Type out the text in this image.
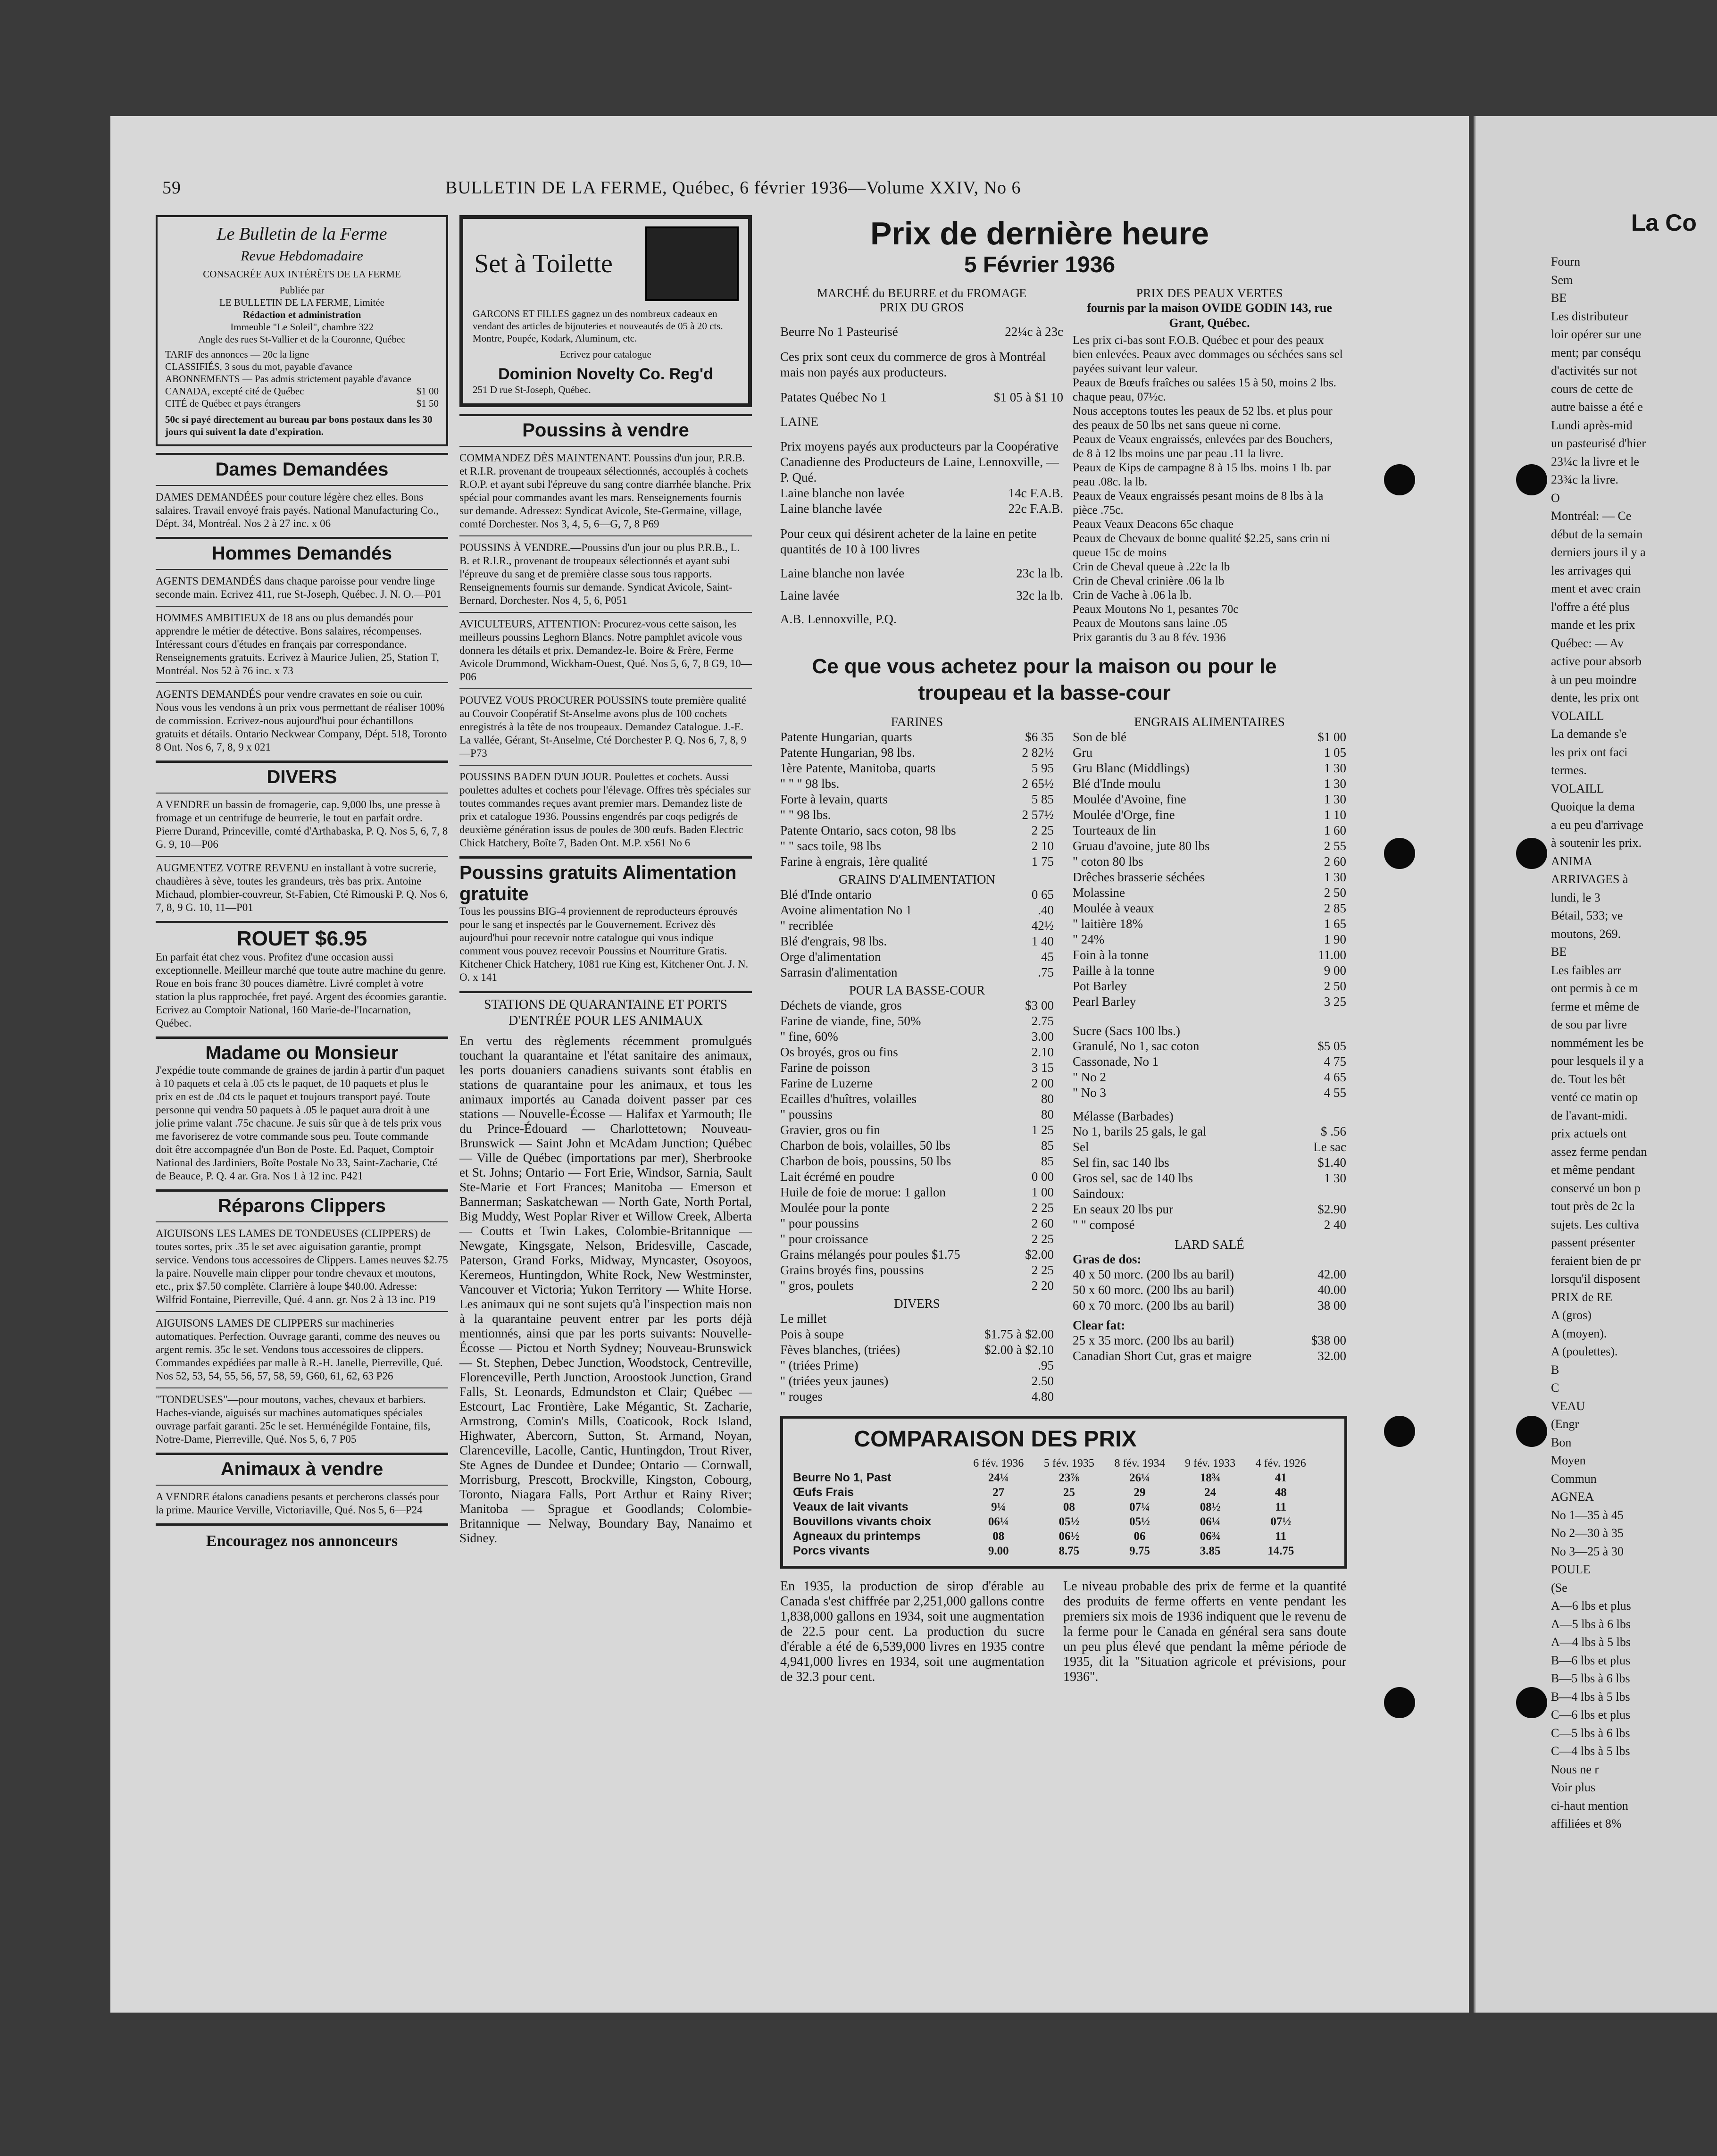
59	BULLETIN DE LA FERME, Québec, 6 février 1936—Volume XXIV, No 6
Le Bulletin de la Ferme
Revue Hebdomadaire
CONSACRÉE AUX INTÉRÊTS DE LA FERME
Publiée par
LE BULLETIN DE LA FERME, Limitée
Rédaction et administration
Immeuble "Le Soleil", chambre 322
Angle des rues St-Vallier et de la Couronne, Québec
TARIF des annonces — 20c la ligne
CLASSIFIÉS, 3 sous du mot, payable d'avance
ABONNEMENTS — Pas admis strictement payable d'avance
CANADA, excepté cité de Québec	$1 00
CITÉ de Québec et pays étrangers	$1 50
50c si payé directement au bureau par bons postaux dans les 30 jours qui suivent la date d'expiration.
Dames Demandées
DAMES DEMANDÉES pour couture légère chez elles. Bons salaires. Travail envoyé frais payés. National Manufacturing Co., Dépt. 34, Montréal. Nos 2 à 27 inc. x 06
Hommes Demandés
AGENTS DEMANDÉS dans chaque paroisse pour vendre linge seconde main. Ecrivez 411, rue St-Joseph, Québec. J. N. O.—P01
HOMMES AMBITIEUX de 18 ans ou plus demandés pour apprendre le métier de détective. Bons salaires, récompenses. Intéressant cours d'études en français par correspondance. Renseignements gratuits. Ecrivez à Maurice Julien, 25, Station T, Montréal. Nos 52 à 76 inc. x 73
AGENTS DEMANDÉS pour vendre cravates en soie ou cuir. Nous vous les vendons à un prix vous permettant de réaliser 100% de commission. Ecrivez-nous aujourd'hui pour échantillons gratuits et détails. Ontario Neckwear Company, Dépt. 518, Toronto 8 Ont. Nos 6, 7, 8, 9 x 021
DIVERS
A VENDRE un bassin de fromagerie, cap. 9,000 lbs, une presse à fromage et un centrifuge de beurrerie, le tout en parfait ordre. Pierre Durand, Princeville, comté d'Arthabaska, P. Q. Nos 5, 6, 7, 8 G. 9, 10—P06
AUGMENTEZ VOTRE REVENU en installant à votre sucrerie, chaudières à sève, toutes les grandeurs, très bas prix. Antoine Michaud, plombier-couvreur, St-Fabien, Cté Rimouski P. Q. Nos 6, 7, 8, 9 G. 10, 11—P01
ROUET $6.95
En parfait état chez vous. Profitez d'une occasion aussi exceptionnelle. Meilleur marché que toute autre machine du genre. Roue en bois franc 30 pouces diamètre. Livré complet à votre station la plus rapprochée, fret payé. Argent des écoomies garantie. Ecrivez au Comptoir National, 160 Marie-de-l'Incarnation, Québec.
Madame ou Monsieur
J'expédie toute commande de graines de jardin à partir d'un paquet à 10 paquets et cela à .05 cts le paquet, de 10 paquets et plus le prix en est de .04 cts le paquet et toujours transport payé. Toute personne qui vendra 50 paquets à .05 le paquet aura droit à une jolie prime valant .75c chacune. Je suis sûr que à de tels prix vous me favoriserez de votre commande sous peu. Toute commande doit être accompagnée d'un Bon de Poste. Ed. Paquet, Comptoir National des Jardiniers, Boîte Postale No 33, Saint-Zacharie, Cté de Beauce, P. Q. 4 ar. Gra. Nos 1 à 12 inc. P421
Réparons Clippers
AIGUISONS LES LAMES DE TONDEUSES (CLIPPERS) de toutes sortes, prix .35 le set avec aiguisation garantie, prompt service. Vendons tous accessoires de Clippers. Lames neuves $2.75 la paire. Nouvelle main clipper pour tondre chevaux et moutons, etc., prix $7.50 complète. Clarrière à loupe $40.00. Adresse: Wilfrid Fontaine, Pierreville, Qué. 4 ann. gr. Nos 2 à 13 inc. P19
AIGUISONS LAMES DE CLIPPERS sur machineries automatiques. Perfection. Ouvrage garanti, comme des neuves ou argent remis. 35c le set. Vendons tous accessoires de clippers. Commandes expédiées par malle à R.-H. Janelle, Pierreville, Qué. Nos 52, 53, 54, 55, 56, 57, 58, 59, G60, 61, 62, 63 P26
"TONDEUSES"—pour moutons, vaches, chevaux et barbiers. Haches-viande, aiguisés sur machines automatiques spéciales ouvrage parfait garanti. 25c le set. Herménégilde Fontaine, fils, Notre-Dame, Pierreville, Qué. Nos 5, 6, 7 P05
Animaux à vendre
A VENDRE étalons canadiens pesants et percherons classés pour la prime. Maurice Verville, Victoriaville, Qué. Nos 5, 6—P24
Encouragez nos annonceurs
Set à Toilette
GARCONS ET FILLES gagnez un des nombreux cadeaux en vendant des articles de bijouteries et nouveautés de 05 à 20 cts. Montre, Poupée, Kodark, Aluminum, etc.
Ecrivez pour catalogue
Dominion Novelty Co. Reg'd
251 D rue St-Joseph, Québec.
Poussins à vendre
COMMANDEZ DÈS MAINTENANT. Poussins d'un jour, P.R.B. et R.I.R. provenant de troupeaux sélectionnés, accouplés à cochets R.O.P. et ayant subi l'épreuve du sang contre diarrhée blanche. Prix spécial pour commandes avant les mars. Renseignements fournis sur demande. Adressez: Syndicat Avicole, Ste-Germaine, village, comté Dorchester. Nos 3, 4, 5, 6—G, 7, 8 P69
POUSSINS À VENDRE.—Poussins d'un jour ou plus P.R.B., L. B. et R.I.R., provenant de troupeaux sélectionnés et ayant subi l'épreuve du sang et de première classe sous tous rapports. Renseignements fournis sur demande. Syndicat Avicole, Saint-Bernard, Dorchester. Nos 4, 5, 6, P051
AVICULTEURS, ATTENTION: Procurez-vous cette saison, les meilleurs poussins Leghorn Blancs. Notre pamphlet avicole vous donnera les détails et prix. Demandez-le. Boire & Frère, Ferme Avicole Drummond, Wickham-Ouest, Qué. Nos 5, 6, 7, 8 G9, 10—P06
POUVEZ VOUS PROCURER POUSSINS toute première qualité au Couvoir Coopératif St-Anselme avons plus de 100 cochets enregistrés à la tête de nos troupeaux. Demandez Catalogue. J.-E. La vallée, Gérant, St-Anselme, Cté Dorchester P. Q. Nos 6, 7, 8, 9—P73
POUSSINS BADEN D'UN JOUR. Poulettes et cochets. Aussi poulettes adultes et cochets pour l'élevage. Offres très spéciales sur toutes commandes reçues avant premier mars. Demandez liste de prix et catalogue 1936. Poussins engendrés par coqs pedigrés de deuxième génération issus de poules de 300 œufs. Baden Electric Chick Hatchery, Boîte 7, Baden Ont. M.P. x561 No 6
Poussins gratuits Alimentation gratuite
Tous les poussins BIG-4 proviennent de reproducteurs éprouvés pour le sang et inspectés par le Gouvernement. Ecrivez dès aujourd'hui pour recevoir notre catalogue qui vous indique comment vous pouvez recevoir Poussins et Nourriture Gratis. Kitchener Chick Hatchery, 1081 rue King est, Kitchener Ont. J. N. O. x 141
STATIONS DE QUARANTAINE ET PORTS D'ENTRÉE POUR LES ANIMAUX
En vertu des règlements récemment promulgués touchant la quarantaine et l'état sanitaire des animaux, les ports douaniers canadiens suivants sont établis en stations de quarantaine pour les animaux, et tous les animaux importés au Canada doivent passer par ces stations — Nouvelle-Écosse — Halifax et Yarmouth; Ile du Prince-Édouard — Charlottetown; Nouveau-Brunswick — Saint John et McAdam Junction; Québec — Ville de Québec (importations par mer), Sherbrooke et St. Johns; Ontario — Fort Erie, Windsor, Sarnia, Sault Ste-Marie et Fort Frances; Manitoba — Emerson et Bannerman; Saskatchewan — North Gate, North Portal, Big Muddy, West Poplar River et Willow Creek, Alberta — Coutts et Twin Lakes, Colombie-Britannique — Newgate, Kingsgate, Nelson, Bridesville, Cascade, Paterson, Grand Forks, Midway, Myncaster, Osoyoos, Keremeos, Huntingdon, White Rock, New Westminster, Vancouver et Victoria; Yukon Territory — White Horse. Les animaux qui ne sont sujets qu'à l'inspection mais non à la quarantaine peuvent entrer par les ports déjà mentionnés, ainsi que par les ports suivants: Nouvelle-Écosse — Pictou et North Sydney; Nouveau-Brunswick — St. Stephen, Debec Junction, Woodstock, Centreville, Florenceville, Perth Junction, Aroostook Junction, Grand Falls, St. Leonards, Edmundston et Clair; Québec — Estcourt, Lac Frontière, Lake Mégantic, St. Zacharie, Armstrong, Comin's Mills, Coaticook, Rock Island, Highwater, Abercorn, Sutton, St. Armand, Noyan, Clarenceville, Lacolle, Cantic, Huntingdon, Trout River, Ste Agnes de Dundee et Dundee; Ontario — Cornwall, Morrisburg, Prescott, Brockville, Kingston, Cobourg, Toronto, Niagara Falls, Port Arthur et Rainy River; Manitoba — Sprague et Goodlands; Colombie-Britannique — Nelway, Boundary Bay, Nanaimo et Sidney.
Prix de dernière heure
5 Février 1936
MARCHÉ du BEURRE et du FROMAGE
PRIX DU GROS
Beurre No 1 Pasteurisé	22¼c à 23c
Ces prix sont ceux du commerce de gros à Montréal mais non payés aux producteurs.
Patates Québec No 1	$1 05 à $1 10
LAINE
Prix moyens payés aux producteurs par la Coopérative Canadienne des Producteurs de Laine, Lennoxville, — P. Qué.
Laine blanche non lavée	14c F.A.B.
Laine blanche lavée	22c F.A.B.
Pour ceux qui désirent acheter de la laine en petite quantités de 10 à 100 livres
Laine blanche non lavée	23c la lb.
Laine lavée	32c la lb.
A.B. Lennoxville, P.Q.
PRIX DES PEAUX VERTES
fournis par la maison OVIDE GODIN 143, rue Grant, Québec.
Les prix ci-bas sont F.O.B. Québec et pour des peaux bien enlevées. Peaux avec dommages ou séchées sans sel payées suivant leur valeur.
Peaux de Bœufs fraîches ou salées 15 à 50, moins 2 lbs. chaque peau, 07½c.
Nous acceptons toutes les peaux de 52 lbs. et plus pour des peaux de 50 lbs net sans queue ni corne.
Peaux de Veaux engraissés, enlevées par des Bouchers, de 8 à 12 lbs moins une par peau .11 la livre.
Peaux de Kips de campagne 8 à 15 lbs. moins 1 lb. par peau .08c. la lb.
Peaux de Veaux engraissés pesant moins de 8 lbs à la pièce .75c.
Peaux Veaux Deacons 65c chaque
Peaux de Chevaux de bonne qualité $2.25, sans crin ni queue 15c de moins
Crin de Cheval queue à .22c la lb
Crin de Cheval crinière .06 la lb
Crin de Vache à .06 la lb.
Peaux Moutons No 1, pesantes 70c
Peaux de Moutons sans laine .05
Prix garantis du 3 au 8 fév. 1936
Ce que vous achetez pour la maison ou pour le troupeau et la basse-cour
FARINES
Patente Hungarian, quarts	$6 35
Patente Hungarian, 98 lbs.	2 82½
1ère Patente, Manitoba, quarts	5 95
" " " 98 lbs.	2 65½
Forte à levain, quarts	5 85
" " 98 lbs.	2 57½
Patente Ontario, sacs coton, 98 lbs	2 25
" " sacs toile, 98 lbs	2 10
Farine à engrais, 1ère qualité	1 75
GRAINS D'ALIMENTATION
Blé d'Inde ontario	0 65
Avoine alimentation No 1	.40
" recriblée	42½
Blé d'engrais, 98 lbs.	1 40
Orge d'alimentation	45
Sarrasin d'alimentation	.75
POUR LA BASSE-COUR
Déchets de viande, gros	$3 00
Farine de viande, fine, 50%	2.75
" fine, 60%	3.00
Os broyés, gros ou fins	2.10
Farine de poisson	3 15
Farine de Luzerne	2 00
Ecailles d'huîtres, volailles	80
" poussins	80
Gravier, gros ou fin	1 25
Charbon de bois, volailles, 50 lbs	85
Charbon de bois, poussins, 50 lbs	85
Lait écrémé en poudre	0 00
Huile de foie de morue: 1 gallon	1 00
Moulée pour la ponte	2 25
" pour poussins	2 60
" pour croissance	2 25
Grains mélangés pour poules $1.75	$2.00
Grains broyés fins, poussins	2 25
" gros, poulets	2 20
DIVERS
Le millet
Pois à soupe	$1.75 à $2.00
Fèves blanches, (triées)	$2.00 à $2.10
" (triées Prime)	.95
" (triées yeux jaunes)	2.50
" rouges	4.80
ENGRAIS ALIMENTAIRES
Son de blé	$1 00
Gru	1 05
Gru Blanc (Middlings)	1 30
Blé d'Inde moulu	1 30
Moulée d'Avoine, fine	1 30
Moulée d'Orge, fine	1 10
Tourteaux de lin	1 60
Gruau d'avoine, jute 80 lbs	2 55
" coton 80 lbs	2 60
Drêches brasserie séchées	1 30
Molassine	2 50
Moulée à veaux	2 85
" laitière 18%	1 65
" 24%	1 90
Foin à la tonne	11.00
Paille à la tonne	9 00
Pot Barley	2 50
Pearl Barley	3 25
Sucre (Sacs 100 lbs.)
Granulé, No 1, sac coton	$5 05
Cassonade, No 1	4 75
" No 2	4 65
" No 3	4 55
Mélasse (Barbades)
No 1, barils 25 gals, le gal	$ .56
Sel	Le sac
Sel fin, sac 140 lbs	$1.40
Gros sel, sac de 140 lbs	1 30
Saindoux:
En seaux 20 lbs pur	$2.90
" " composé	2 40
LARD SALÉ
Gras de dos:
40 x 50 morc. (200 lbs au baril)	42.00
50 x 60 morc. (200 lbs au baril)	40.00
60 x 70 morc. (200 lbs au baril)	38 00
Clear fat:
25 x 35 morc. (200 lbs au baril)	$38 00
Canadian Short Cut, gras et maigre	32.00
COMPARAISON DES PRIX
	6 fév. 1936	5 fév. 1935	8 fév. 1934	9 fév. 1933	4 fév. 1926
Beurre No 1, Past	24¼	23⅞	26¼	18¾	41
Œufs Frais	27	25	29	24	48
Veaux de lait vivants	9¼	08	07¼	08½	11
Bouvillons vivants choix	06¼	05½	05½	06¼	07½
Agneaux du printemps	08	06½	06	06¾	11
Porcs vivants	9.00	8.75	9.75	3.85	14.75
En 1935, la production de sirop d'érable au Canada s'est chiffrée par 2,251,000 gallons contre 1,838,000 gallons en 1934, soit une augmentation de 22.5 pour cent. La production du sucre d'érable a été de 6,539,000 livres en 1935 contre 4,941,000 livres en 1934, soit une augmentation de 32.3 pour cent.
Le niveau probable des prix de ferme et la quantité des produits de ferme offerts en vente pendant les premiers six mois de 1936 indiquent que le revenu de la ferme pour le Canada en général sera sans doute un peu plus élevé que pendant la même période de 1935, dit la "Situation agricole et prévisions, pour 1936".
La Co
Fourn
Sem
BE
Les distributeur
loir opérer sur une
ment; par conséqu
d'activités sur not
cours de cette de
autre baisse a été e
Lundi après-mid
un pasteurisé d'hier
23¼c la livre et le
23¾c la livre.
O
Montréal: — Ce
début de la semain
derniers jours il y a
les arrivages qui
ment et avec crain
l'offre a été plus
mande et les prix
Québec: — Av
active pour absorb
à un peu moindre
dente, les prix ont
VOLAILL
La demande s'e
les prix ont faci
termes.
VOLAILL
Quoique la dema
a eu peu d'arrivage
à soutenir les prix.
ANIMA
ARRIVAGES à
lundi, le 3
Bétail, 533; ve
moutons, 269.
BE
Les faibles arr
ont permis à ce m
ferme et même de
de sou par livre
nommément les be
pour lesquels il y a
de. Tout les bêt
venté ce matin op
de l'avant-midi.
prix actuels ont
assez ferme pendan
et même pendant
conservé un bon p
tout près de 2c la
sujets. Les cultiva
passent présenter
feraient bien de pr
lorsqu'il disposent
PRIX de RE
A (gros)
A (moyen).
A (poulettes).
B
C
VEAU
(Engr
Bon
Moyen
Commun
AGNEA
No 1—35 à 45
No 2—30 à 35
No 3—25 à 30
POULE
(Se
A—6 lbs et plus
A—5 lbs à 6 lbs
A—4 lbs à 5 lbs
B—6 lbs et plus
B—5 lbs à 6 lbs
B—4 lbs à 5 lbs
C—6 lbs et plus
C—5 lbs à 6 lbs
C—4 lbs à 5 lbs
Nous ne r
Voir plus
ci-haut mention
affiliées et 8%
